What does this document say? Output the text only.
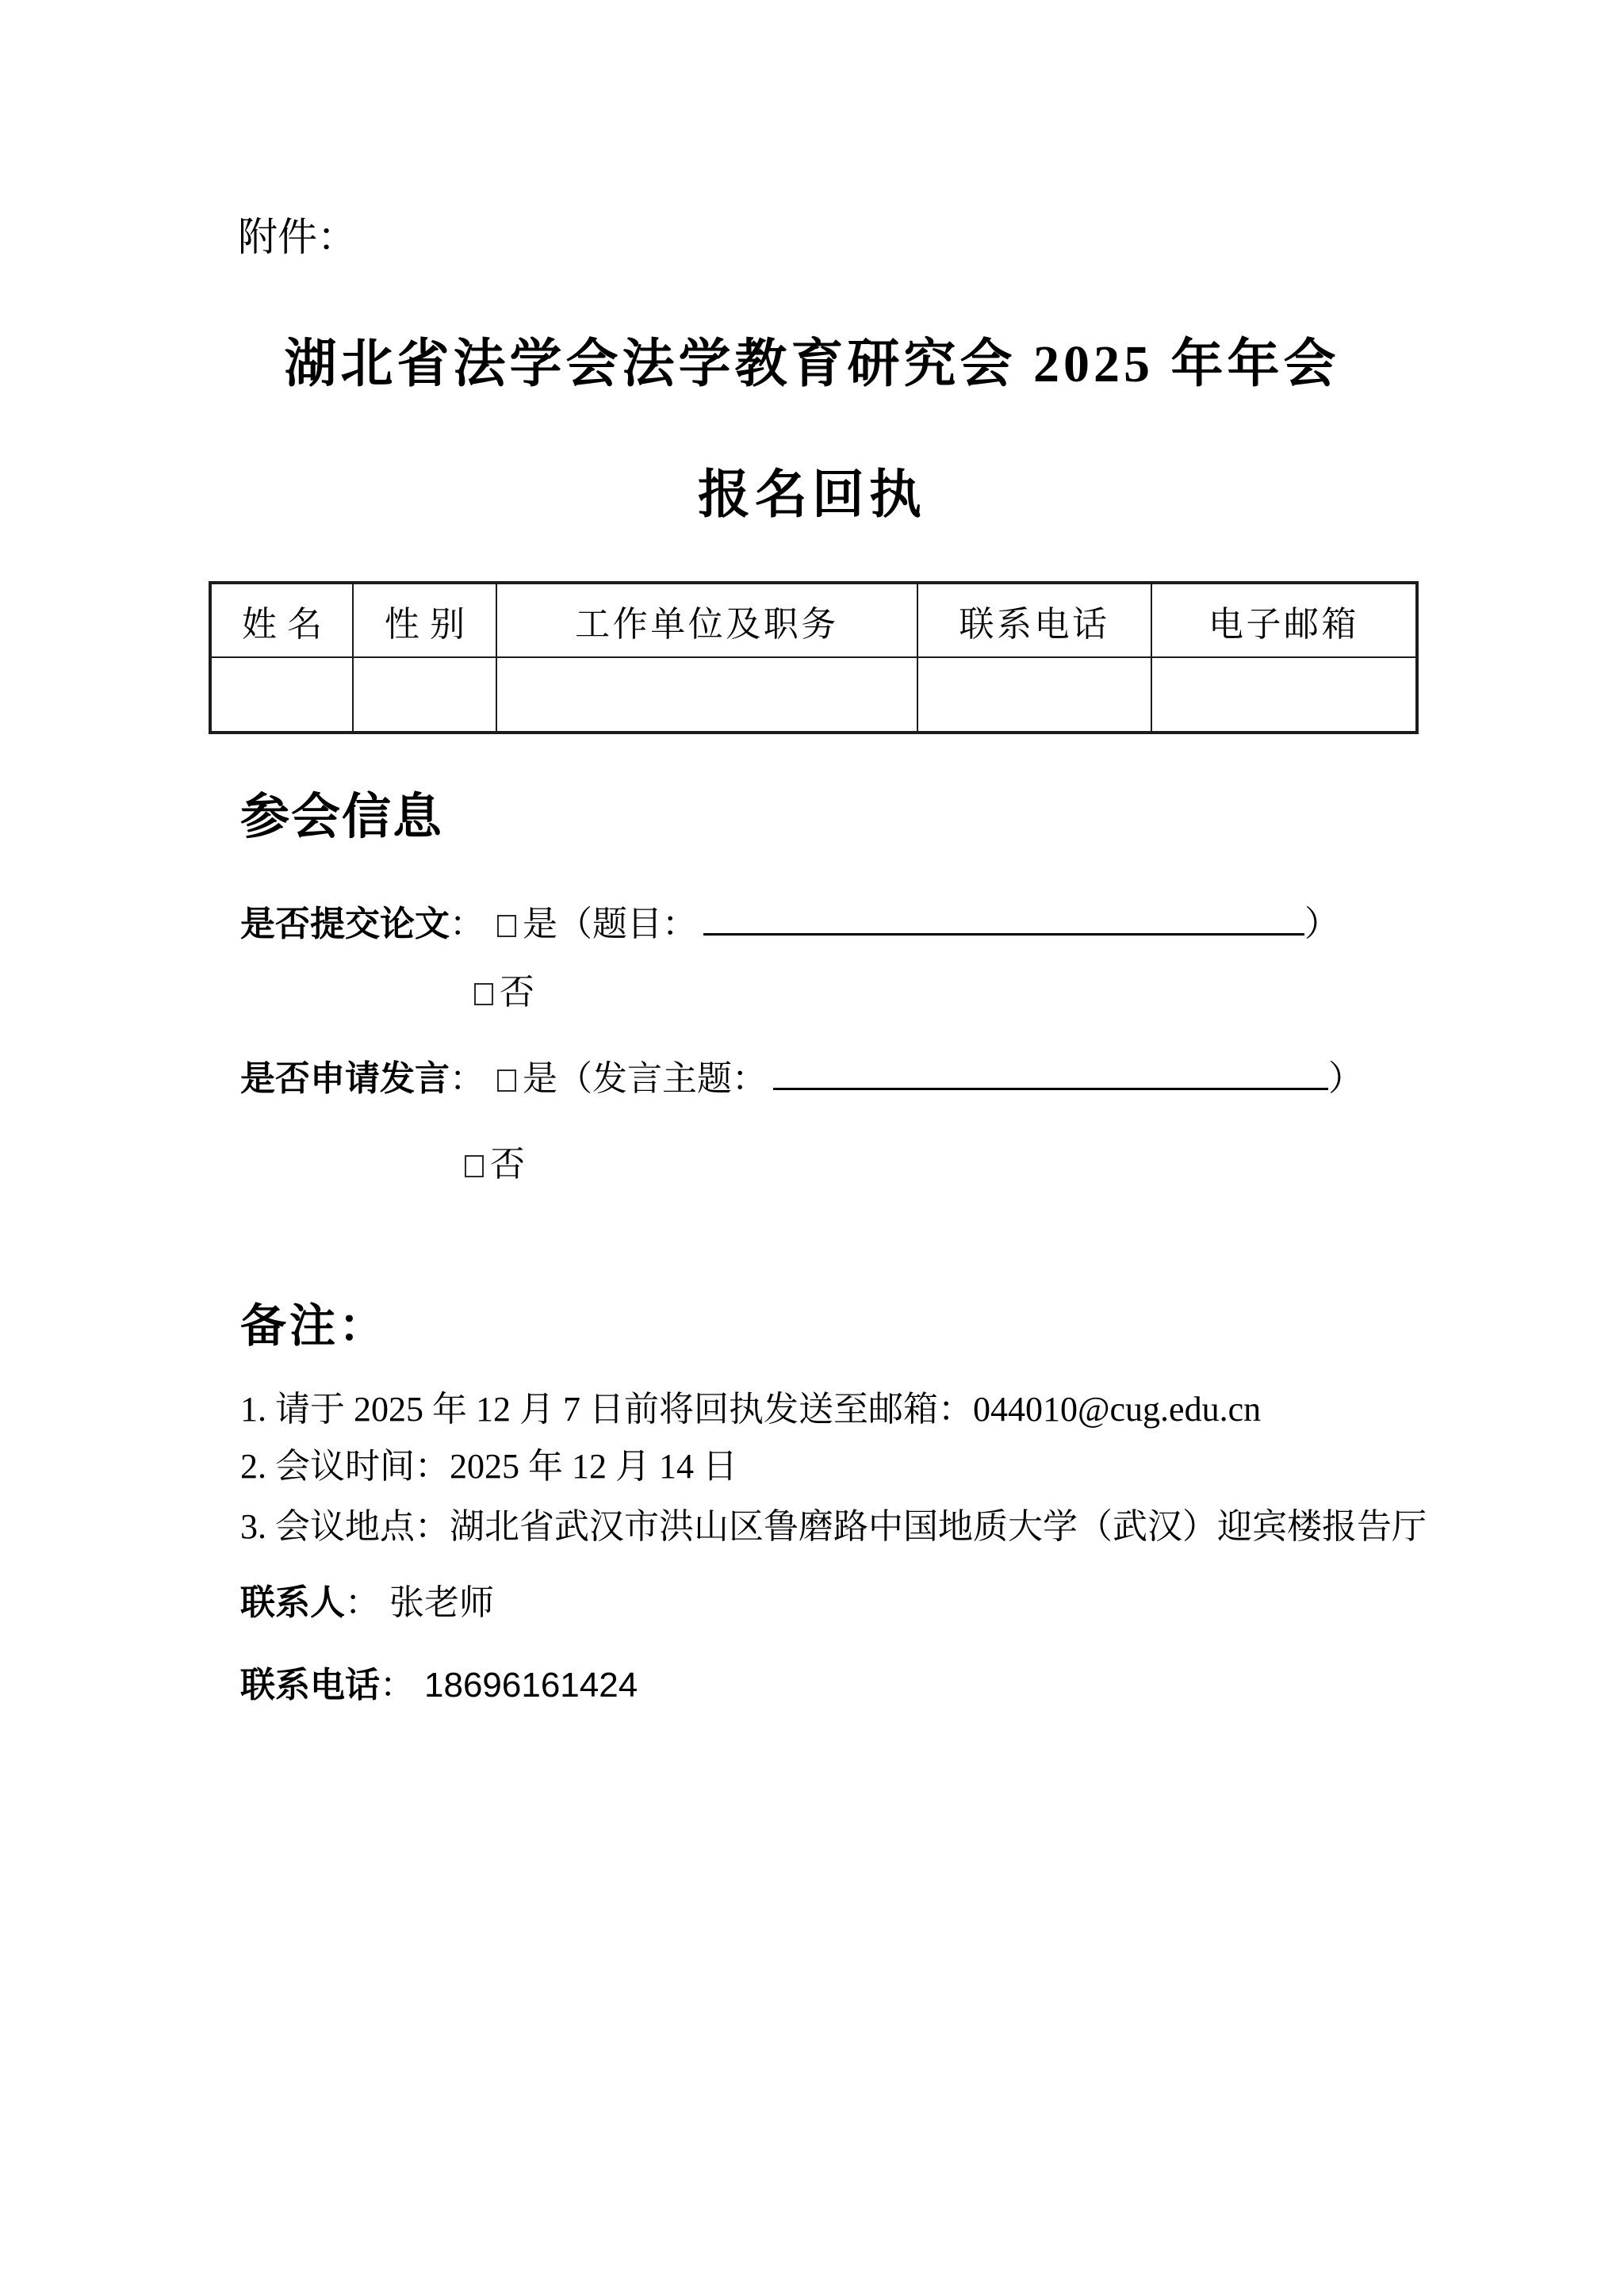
附件：
湖北省法学会法学教育研究会 2025 年年会
报名回执
姓名	性别	工作单位及职务	联系电话	电子邮箱

参会信息
是否提交论文： 是（题目：	）
否
是否申请发言： 是（发言主题：	）
否
备注：
1. 请于 2025 年 12 月 7 日前将回执发送至邮箱：044010@cug.edu.cn
2. 会议时间：2025 年 12 月 14 日
3. 会议地点：湖北省武汉市洪山区鲁磨路中国地质大学（武汉）迎宾楼报告厅
联系人： 张老师
联系电话： 18696161424
